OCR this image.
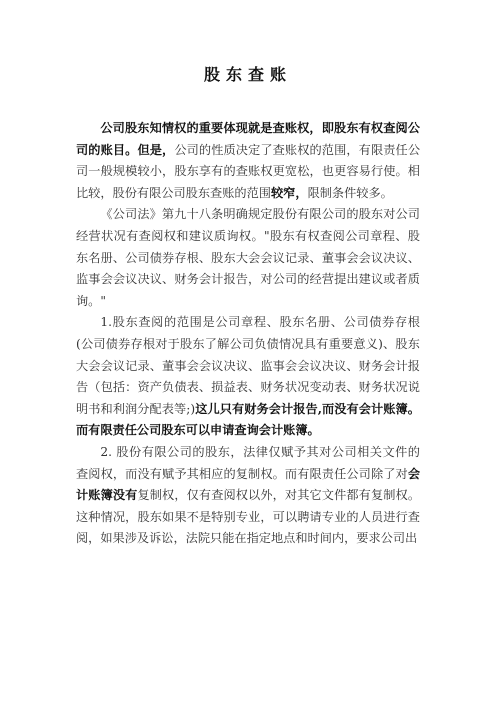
股东查账

公司股东知情权的重要体现就是查账权，即股东有权查阅公司的账目。但是，公司的性质决定了查账权的范围，有限责任公司一般规模较小，股东享有的查账权更宽松，也更容易行使。相比较，股份有限公司股东查账的范围较窄，限制条件较多。

《公司法》第九十八条明确规定股份有限公司的股东对公司经营状况有查阅权和建议质询权。"股东有权查阅公司章程、股东名册、公司债券存根、股东大会会议记录、董事会会议决议、监事会会议决议、财务会计报告，对公司的经营提出建议或者质询。"

1.股东查阅的范围是公司章程、股东名册、公司债券存根(公司债券存根对于股东了解公司负债情况具有重要意义)、股东大会会议记录、董事会会议决议、监事会会议决议、财务会计报告（包括：资产负债表、损益表、财务状况变动表、财务状况说明书和利润分配表等;)这儿只有财务会计报告,而没有会计账簿。而有限责任公司股东可以申请查询会计账簿。

2. 股份有限公司的股东，法律仅赋予其对公司相关文件的查阅权，而没有赋予其相应的复制权。而有限责任公司除了对会计账簿没有复制权，仅有查阅权以外，对其它文件都有复制权。这种情况，股东如果不是特别专业，可以聘请专业的人员进行查阅，如果涉及诉讼，法院只能在指定地点和时间内，要求公司出
